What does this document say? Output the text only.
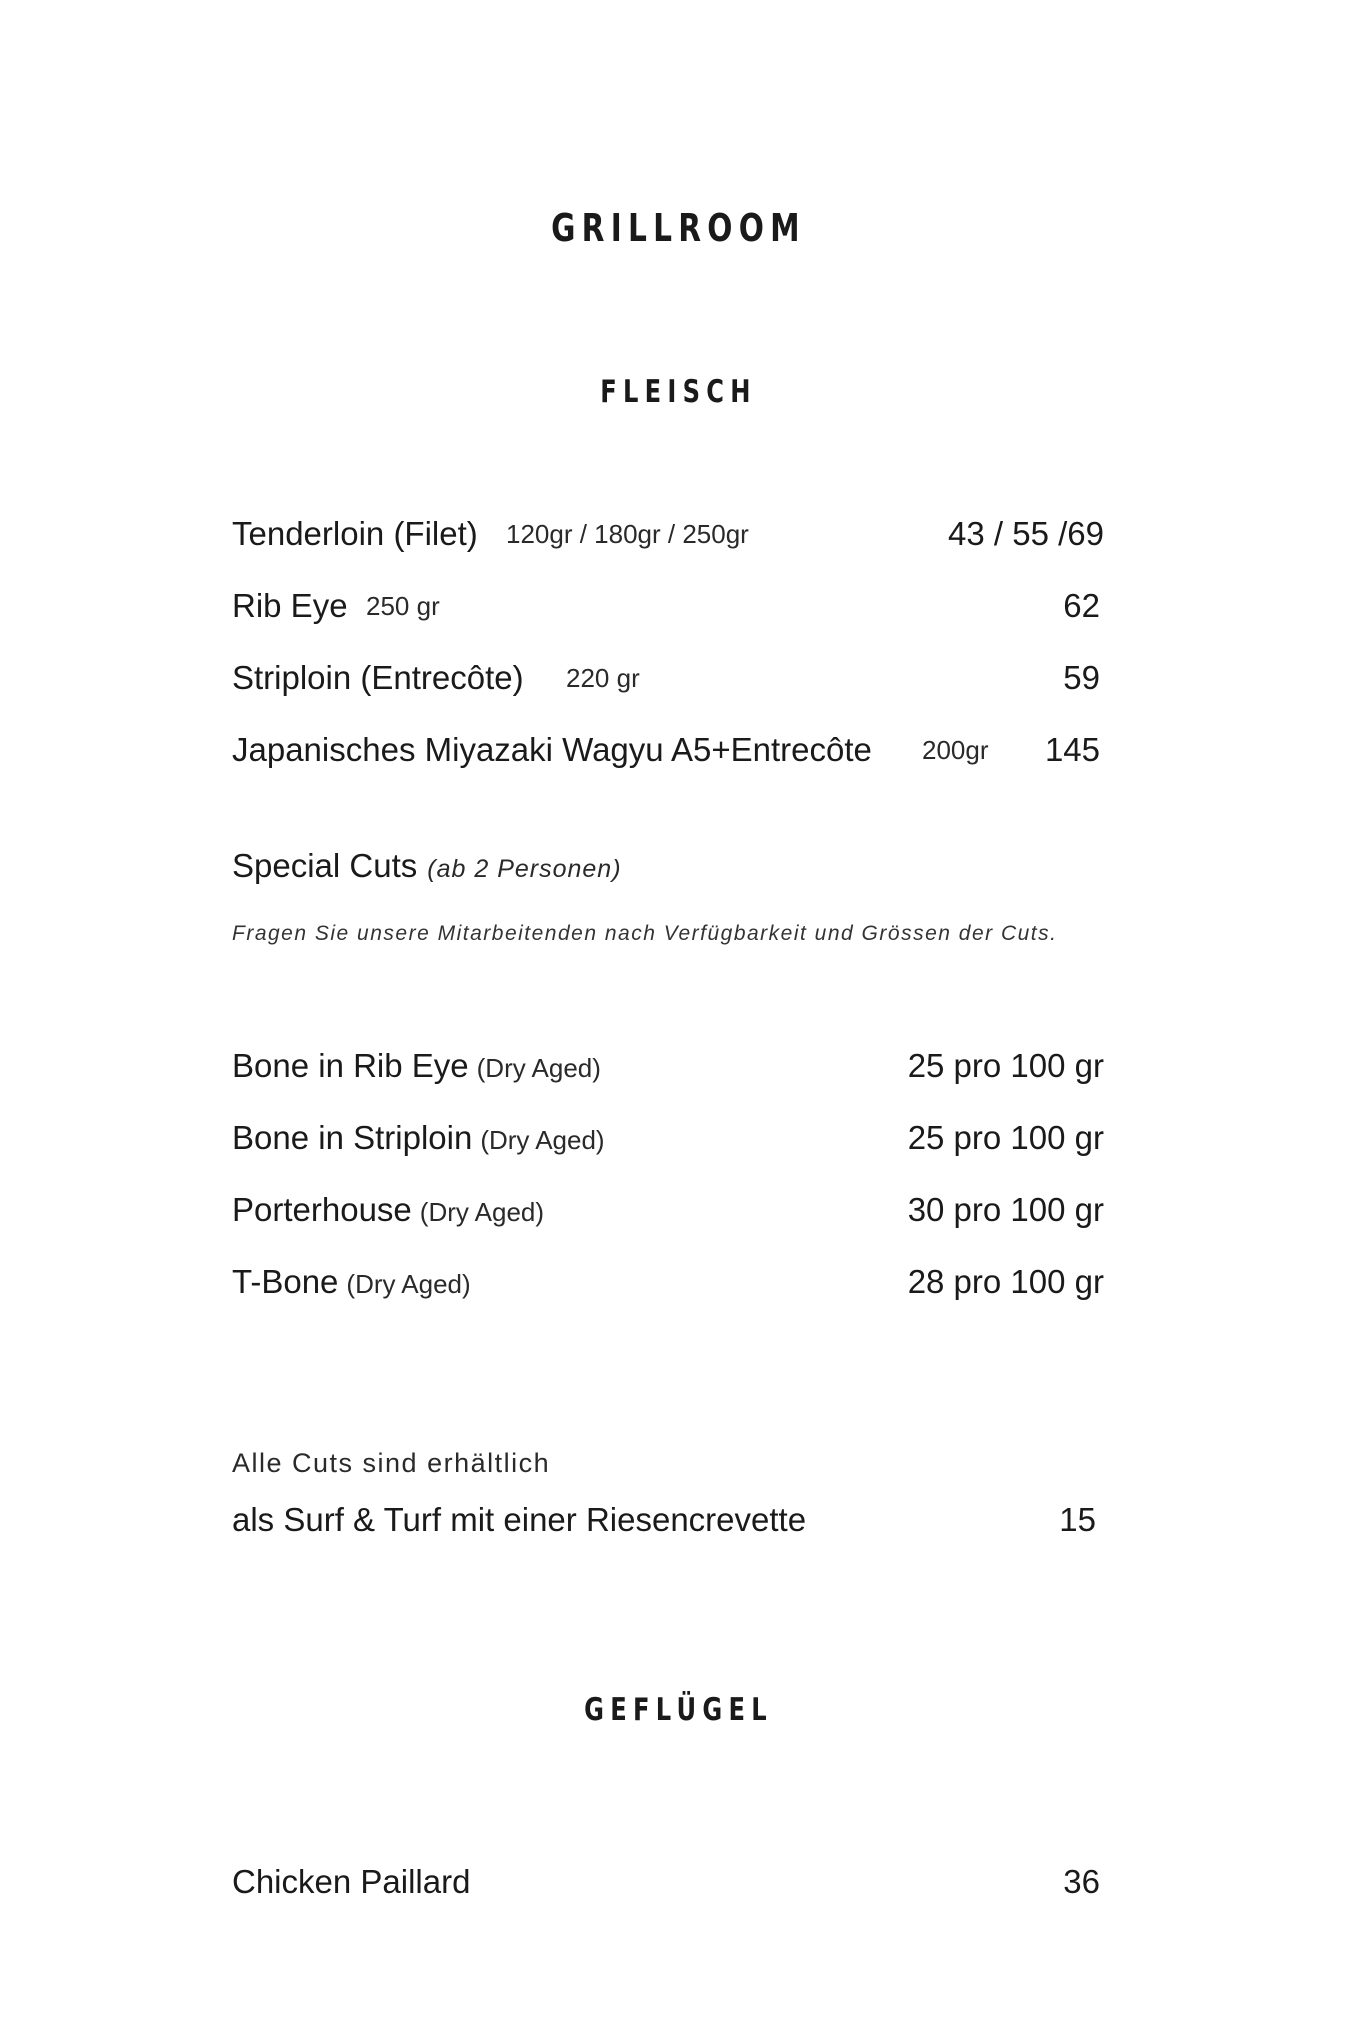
GRILLROOM
FLEISCH
Tenderloin (Filet) 120gr / 180gr / 250gr	43 / 55 /69
Rib Eye 250 gr	62
Striploin (Entrecôte) 220 gr	59
Japanisches Miyazaki Wagyu A5+Entrecôte 200gr 145
Special Cuts (ab 2 Personen)
Fragen Sie unsere Mitarbeitenden nach Verfügbarkeit und Grössen der Cuts.
Bone in Rib Eye (Dry Aged)	25 pro 100 gr
Bone in Striploin (Dry Aged)	25 pro 100 gr
Porterhouse (Dry Aged)	30 pro 100 gr
T-Bone (Dry Aged)	28 pro 100 gr
Alle Cuts sind erhältlich
als Surf & Turf mit einer Riesencrevette	15
GEFLÜGEL
Chicken Paillard	36
